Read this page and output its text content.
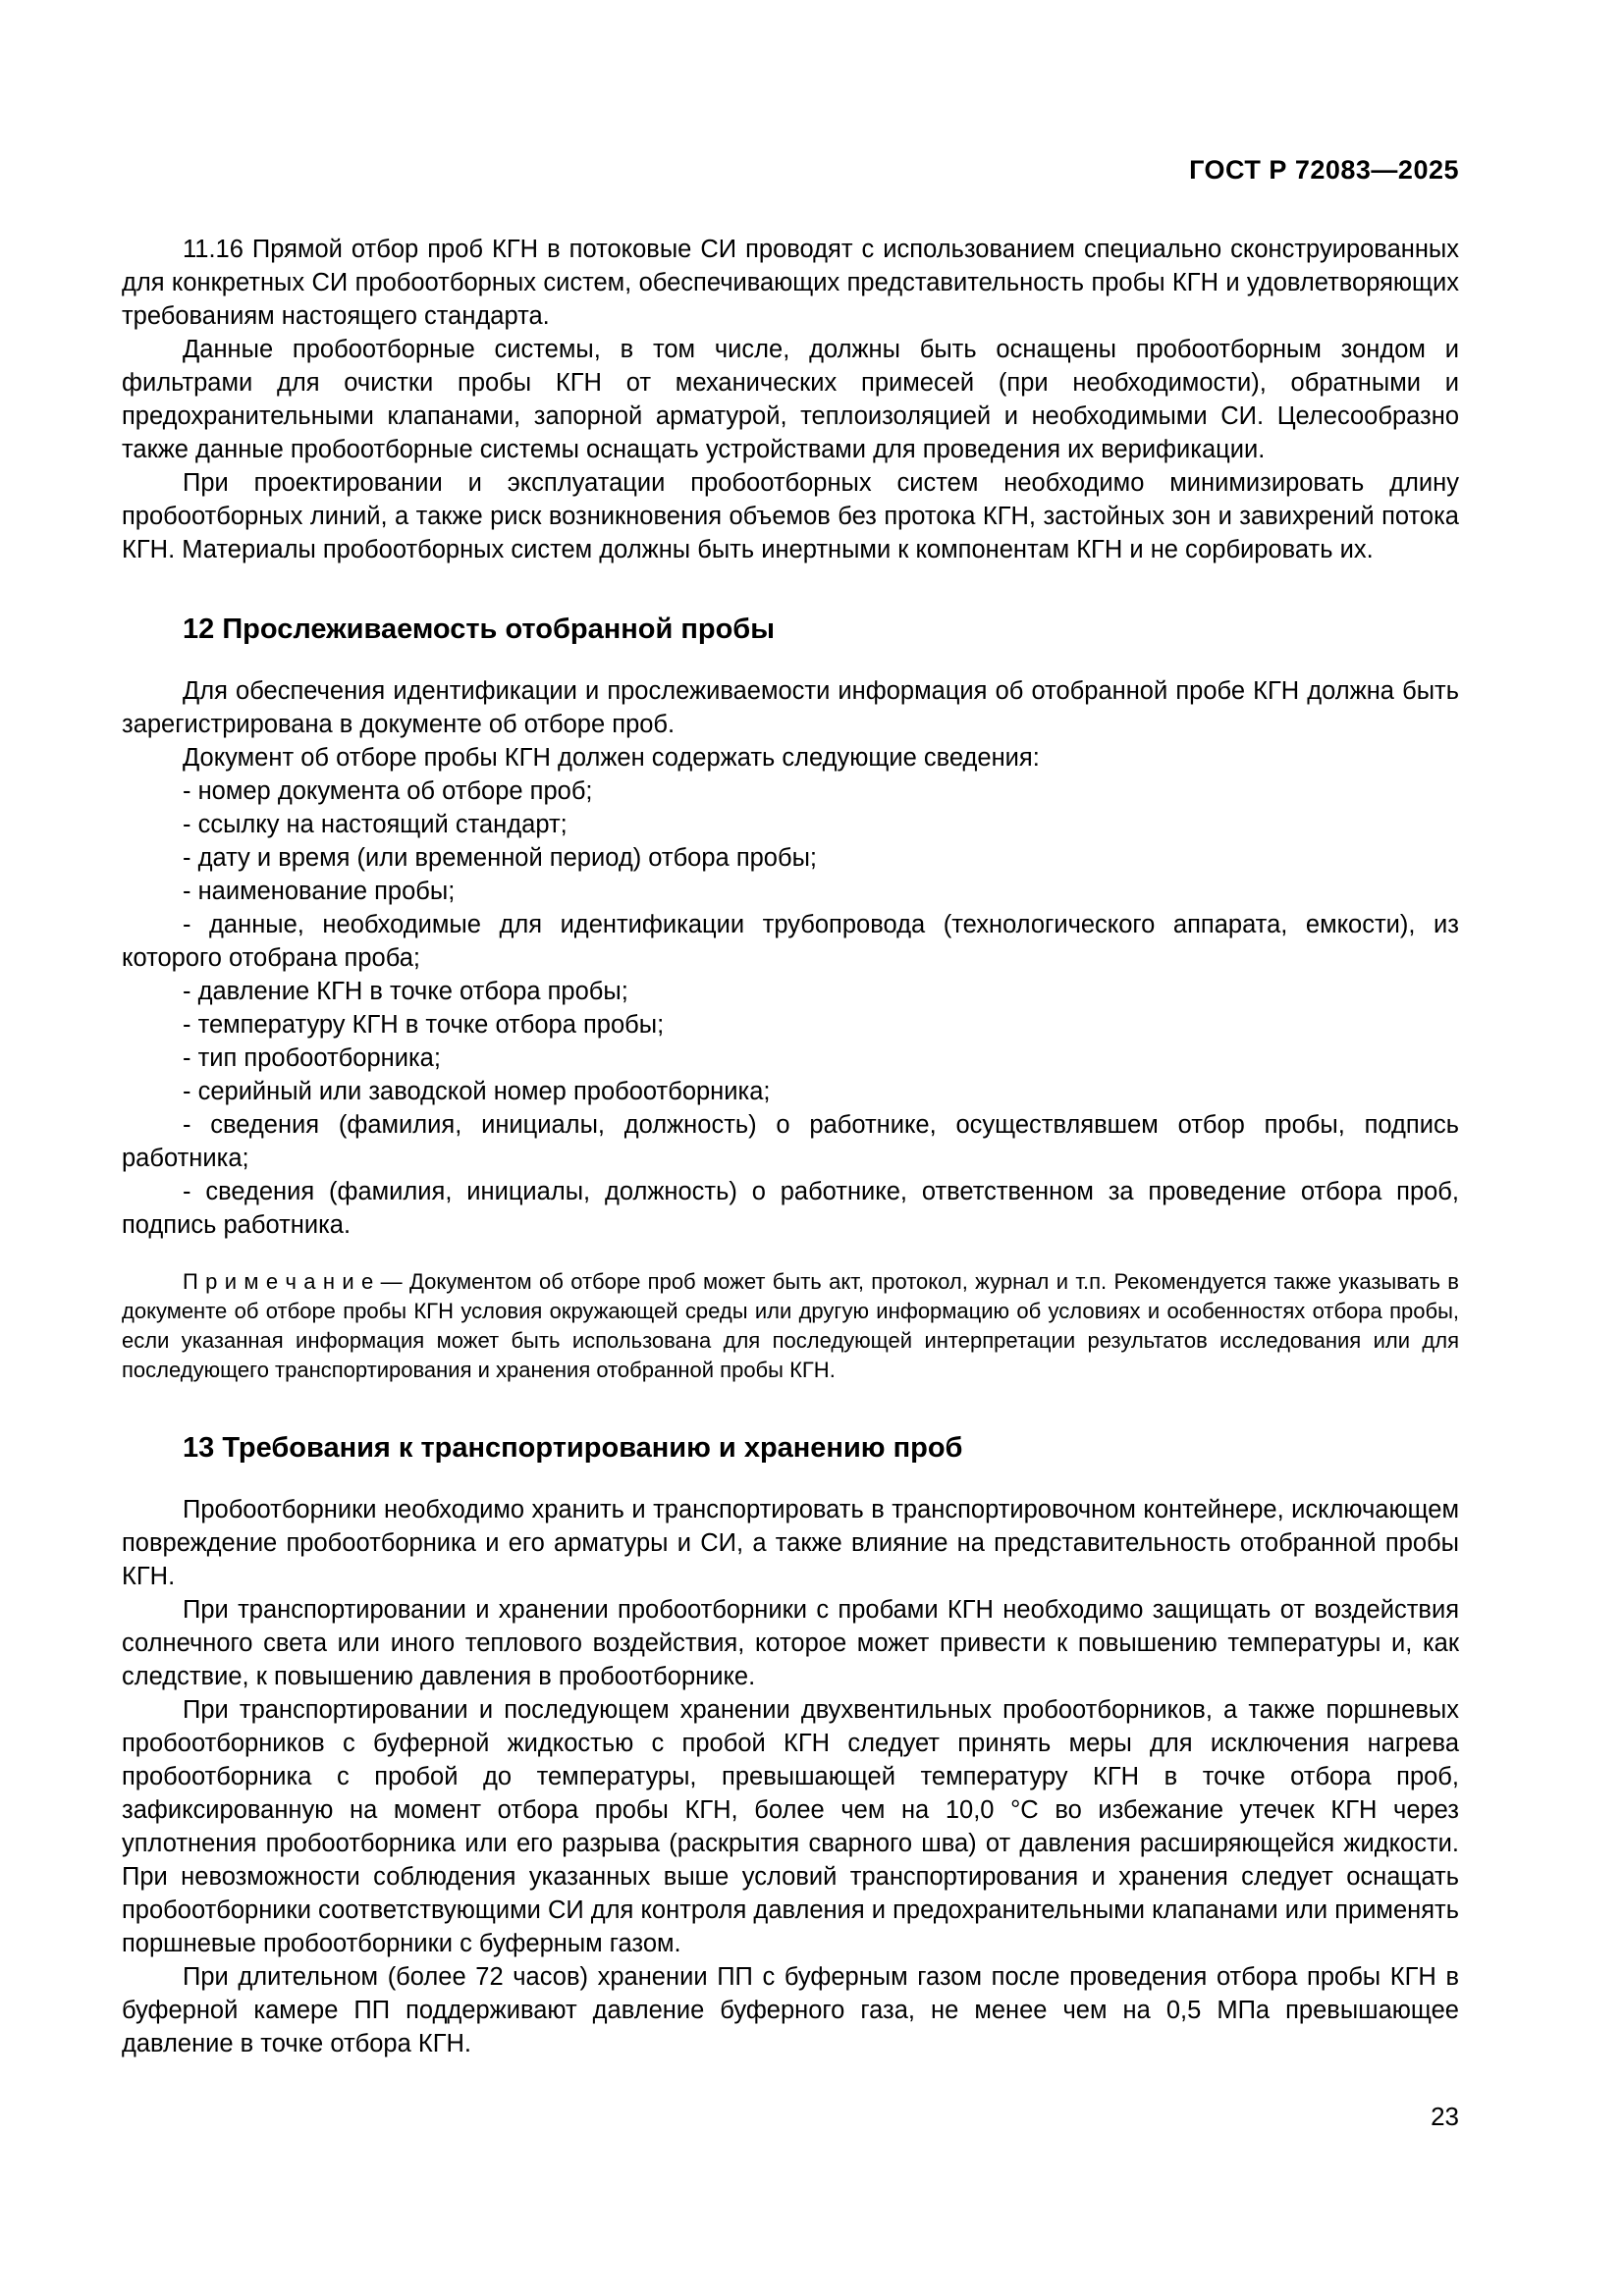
ГОСТ Р 72083—2025

11.16 Прямой отбор проб КГН в потоковые СИ проводят с использованием специально сконструированных для конкретных СИ пробоотборных систем, обеспечивающих представительность пробы КГН и удовлетворяющих требованиям настоящего стандарта.

Данные пробоотборные системы, в том числе, должны быть оснащены пробоотборным зондом и фильтрами для очистки пробы КГН от механических примесей (при необходимости), обратными и предохранительными клапанами, запорной арматурой, теплоизоляцией и необходимыми СИ. Целесообразно также данные пробоотборные системы оснащать устройствами для проведения их верификации.

При проектировании и эксплуатации пробоотборных систем необходимо минимизировать длину пробоотборных линий, а также риск возникновения объемов без протока КГН, застойных зон и завихрений потока КГН. Материалы пробоотборных систем должны быть инертными к компонентам КГН и не сорбировать их.

12 Прослеживаемость отобранной пробы

Для обеспечения идентификации и прослеживаемости информация об отобранной пробе КГН должна быть зарегистрирована в документе об отборе проб.

Документ об отборе пробы КГН должен содержать следующие сведения:

- номер документа об отборе проб;

- ссылку на настоящий стандарт;

- дату и время (или временной период) отбора пробы;

- наименование пробы;

- данные, необходимые для идентификации трубопровода (технологического аппарата, емкости), из которого отобрана проба;

- давление КГН в точке отбора пробы;

- температуру КГН в точке отбора пробы;

- тип пробоотборника;

- серийный или заводской номер пробоотборника;

- сведения (фамилия, инициалы, должность) о работнике, осуществлявшем отбор пробы, подпись работника;

- сведения (фамилия, инициалы, должность) о работнике, ответственном за проведение отбора проб, подпись работника.

П р и м е ч а н и е — Документом об отборе проб может быть акт, протокол, журнал и т.п. Рекомендуется также указывать в документе об отборе пробы КГН условия окружающей среды или другую информацию об условиях и особенностях отбора пробы, если указанная информация может быть использована для последующей интерпретации результатов исследования или для последующего транспортирования и хранения отобранной пробы КГН.

13 Требования к транспортированию и хранению проб

Пробоотборники необходимо хранить и транспортировать в транспортировочном контейнере, исключающем повреждение пробоотборника и его арматуры и СИ, а также влияние на представительность отобранной пробы КГН.

При транспортировании и хранении пробоотборники с пробами КГН необходимо защищать от воздействия солнечного света или иного теплового воздействия, которое может привести к повышению температуры и, как следствие, к повышению давления в пробоотборнике.

При транспортировании и последующем хранении двухвентильных пробоотборников, а также поршневых пробоотборников с буферной жидкостью с пробой КГН следует принять меры для исключения нагрева пробоотборника с пробой до температуры, превышающей температуру КГН в точке отбора проб, зафиксированную на момент отбора пробы КГН, более чем на 10,0 °С во избежание утечек КГН через уплотнения пробоотборника или его разрыва (раскрытия сварного шва) от давления расширяющейся жидкости. При невозможности соблюдения указанных выше условий транспортирования и хранения следует оснащать пробоотборники соответствующими СИ для контроля давления и предохранительными клапанами или применять поршневые пробоотборники с буферным газом.

При длительном (более 72 часов) хранении ПП с буферным газом после проведения отбора пробы КГН в буферной камере ПП поддерживают давление буферного газа, не менее чем на 0,5 МПа превышающее давление в точке отбора КГН.

23
